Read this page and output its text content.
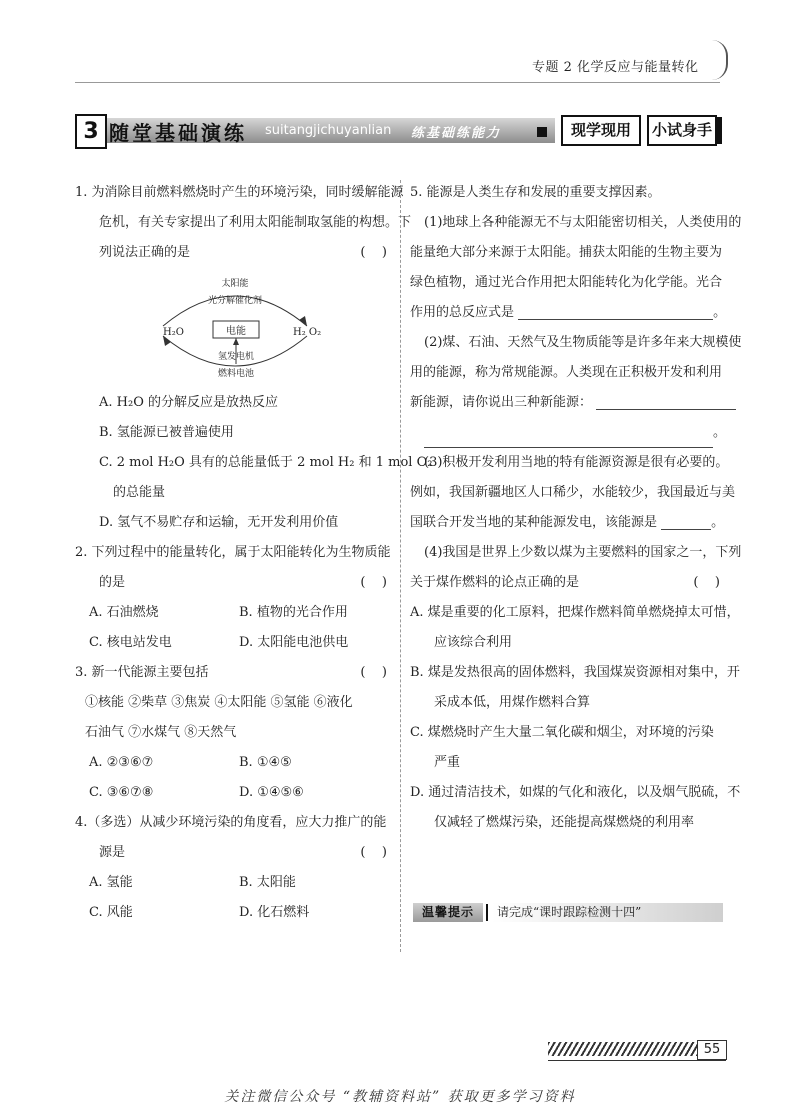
专题 2 化学反应与能量转化
3 随堂基础演练 suitangjichuyanlian 练基础练能力	现学现用	小试身手
1. 为消除目前燃料燃烧时产生的环境污染，同时缓解能源
危机，有关专家提出了利用太阳能制取氢能的构想。下
列说法正确的是	(    )
太阳能
光分解催化剂
H₂O	电能	H₂ O₂
氢发电机
燃料电池
A. H₂O 的分解反应是放热反应
B. 氢能源已被普遍使用
C. 2 mol H₂O 具有的总能量低于 2 mol H₂ 和 1 mol O₂
的总能量
D. 氢气不易贮存和运输，无开发利用价值
2. 下列过程中的能量转化，属于太阳能转化为生物质能
的是	(    )
A. 石油燃烧	B. 植物的光合作用
C. 核电站发电	D. 太阳能电池供电
3. 新一代能源主要包括	(    )
①核能 ②柴草 ③焦炭 ④太阳能 ⑤氢能 ⑥液化
石油气 ⑦水煤气 ⑧天然气
A. ②③⑥⑦	B. ①④⑤
C. ③⑥⑦⑧	D. ①④⑤⑥
4.（多选）从减少环境污染的角度看，应大力推广的能
源是	(    )
A. 氢能	B. 太阳能
C. 风能	D. 化石燃料
5. 能源是人类生存和发展的重要支撑因素。
(1)地球上各种能源无不与太阳能密切相关，人类使用的
能量绝大部分来源于太阳能。捕获太阳能的生物主要为
绿色植物，通过光合作用把太阳能转化为化学能。光合
作用的总反应式是	。
(2)煤、石油、天然气及生物质能等是许多年来大规模使
用的能源，称为常规能源。人类现在正积极开发和利用
新能源，请你说出三种新能源：
。
(3)积极开发利用当地的特有能源资源是很有必要的。
例如，我国新疆地区人口稀少，水能较少，我国最近与美
国联合开发当地的某种能源发电，该能源是	。
(4)我国是世界上少数以煤为主要燃料的国家之一，下列
关于煤作燃料的论点正确的是	(    )
A. 煤是重要的化工原料，把煤作燃料简单燃烧掉太可惜，
应该综合利用
B. 煤是发热很高的固体燃料，我国煤炭资源相对集中，开
采成本低，用煤作燃料合算
C. 煤燃烧时产生大量二氧化碳和烟尘，对环境的污染
严重
D. 通过清洁技术，如煤的气化和液化，以及烟气脱硫，不
仅减轻了燃煤污染，还能提高煤燃烧的利用率
温馨提示	请完成“课时跟踪检测十四”
55
关注微信公众号 “教辅资料站” 获取更多学习资料
